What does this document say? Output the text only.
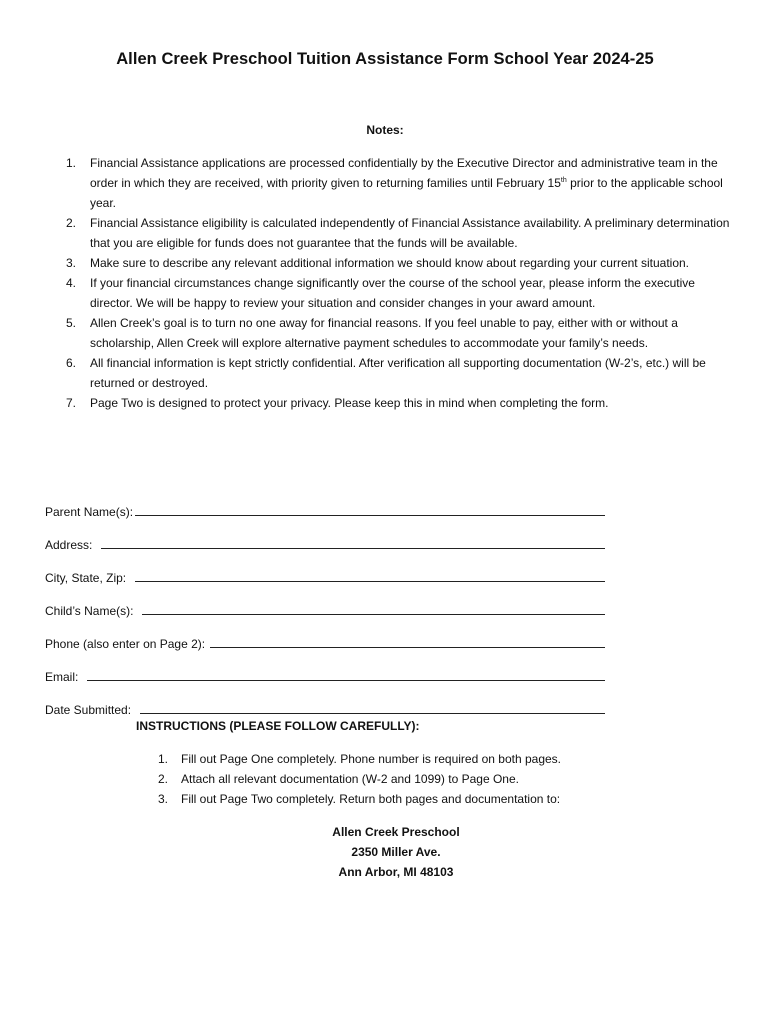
Allen Creek Preschool Tuition Assistance Form School Year 2024-25
Notes:
1. Financial Assistance applications are processed confidentially by the Executive Director and administrative team in the order in which they are received, with priority given to returning families until February 15th prior to the applicable school year.
2. Financial Assistance eligibility is calculated independently of Financial Assistance availability. A preliminary determination that you are eligible for funds does not guarantee that the funds will be available.
3. Make sure to describe any relevant additional information we should know about regarding your current situation.
4. If your financial circumstances change significantly over the course of the school year, please inform the executive director. We will be happy to review your situation and consider changes in your award amount.
5. Allen Creek’s goal is to turn no one away for financial reasons. If you feel unable to pay, either with or without a scholarship, Allen Creek will explore alternative payment schedules to accommodate your family’s needs.
6. All financial information is kept strictly confidential. After verification all supporting documentation (W-2’s, etc.) will be returned or destroyed.
7. Page Two is designed to protect your privacy. Please keep this in mind when completing the form.
Parent Name(s):
Address:
City, State, Zip:
Child’s Name(s):
Phone (also enter on Page 2):
Email:
Date Submitted:
INSTRUCTIONS (PLEASE FOLLOW CAREFULLY):
1. Fill out Page One completely. Phone number is required on both pages.
2. Attach all relevant documentation (W-2 and 1099) to Page One.
3. Fill out Page Two completely. Return both pages and documentation to:
Allen Creek Preschool
2350 Miller Ave.
Ann Arbor, MI 48103
